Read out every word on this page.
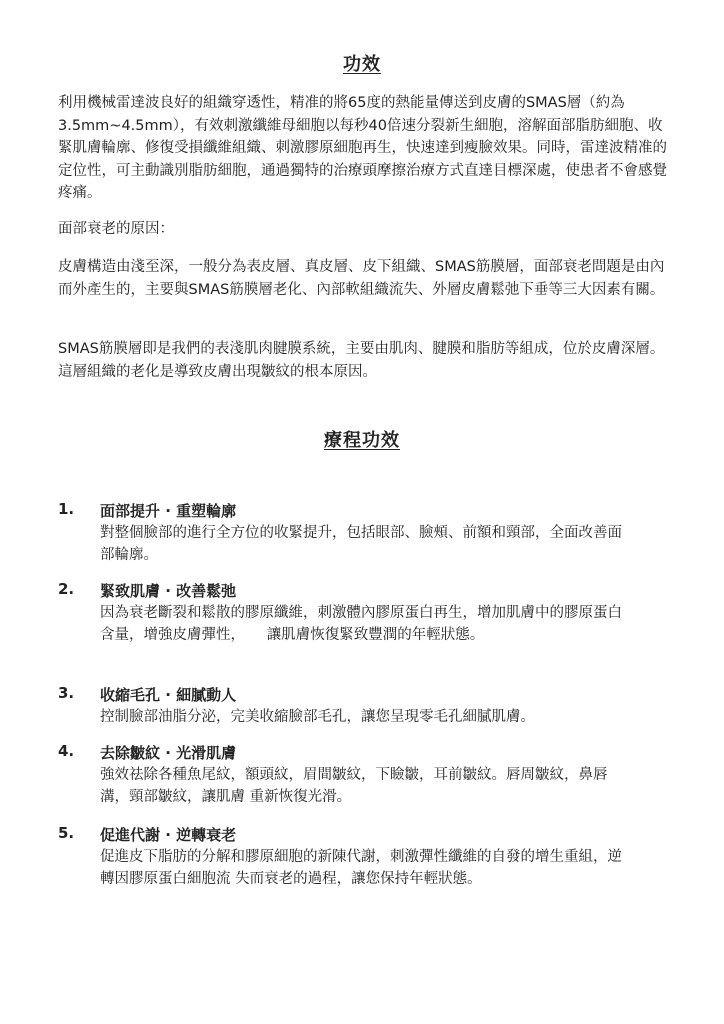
功效

利用機械雷達波良好的組織穿透性，精准的將65度的熱能量傳送到皮膚的SMAS層（約為3.5mm~4.5mm），有效刺激纖維母細胞以每秒40倍速分裂新生細胞，溶解面部脂肪細胞、收緊肌膚輪廓、修復受損纖維組織、刺激膠原細胞再生，快速達到瘦臉效果。同時，雷達波精准的定位性，可主動識別脂肪細胞，通過獨特的治療頭摩擦治療方式直達目標深處，使患者不會感覺疼痛。

面部衰老的原因：

皮膚構造由淺至深，一般分為表皮層、真皮層、皮下組織、SMAS筋膜層，面部衰老問題是由內而外產生的，主要與SMAS筋膜層老化、內部軟組織流失、外層皮膚鬆弛下垂等三大因素有關。

SMAS筋膜層即是我們的表淺肌肉腱膜系統，主要由肌肉、腱膜和脂肪等組成，位於皮膚深層。這層組織的老化是導致皮膚出現皺紋的根本原因。

療程功效
1. 面部提升 · 重塑輪廓

對整個臉部的進行全方位的收緊提升，包括眼部、臉頰、前額和頸部，全面改善面部輪廓。

2. 緊致肌膚 · 改善鬆弛

因為衰老斷裂和鬆散的膠原纖維，刺激體內膠原蛋白再生，增加肌膚中的膠原蛋白含量，增強皮膚彈性，　　讓肌膚恢復緊致豐潤的年輕狀態。

3. 收縮毛孔 · 細膩動人

控制臉部油脂分泌，完美收縮臉部毛孔，讓您呈現零毛孔細膩肌膚。

4. 去除皺紋 · 光滑肌膚

強效祛除各種魚尾紋，額頭紋，眉間皺紋，下瞼皺，耳前皺紋。唇周皺紋，鼻唇溝，頸部皺紋，讓肌膚 重新恢復光滑。

5. 促進代謝 · 逆轉衰老

促進皮下脂肪的分解和膠原細胞的新陳代謝，刺激彈性纖維的自發的增生重組，逆轉因膠原蛋白細胞流 失而衰老的過程，讓您保持年輕狀態。
